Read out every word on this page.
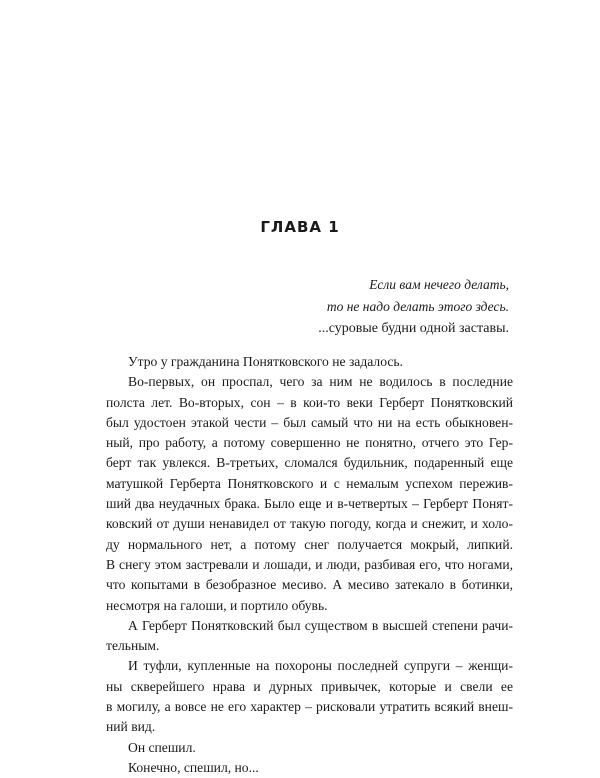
ГЛАВА 1
Если вам нечего делать,
то не надо делать этого здесь.
...суровые будни одной заставы.
Утро у гражданина Понятковского не задалось.
Во-первых, он проспал, чего за ним не водилось в последние
полста лет. Во-вторых, сон – в кои-то веки Герберт Понятковский
был удостоен этакой чести – был самый что ни на есть обыкновен-
ный, про работу, а потому совершенно не понятно, отчего это Гер-
берт так увлекся. В-третьих, сломался будильник, подаренный еще
матушкой Герберта Понятковского и с немалым успехом пережив-
ший два неудачных брака. Было еще и в-четвертых – Герберт Понят-
ковский от души ненавидел от такую погоду, когда и снежит, и холо-
ду нормального нет, а потому снег получается мокрый, липкий.
В снегу этом застревали и лошади, и люди, разбивая его, что ногами,
что копытами в безобразное месиво. А месиво затекало в ботинки,
несмотря на галоши, и портило обувь.
А Герберт Понятковский был существом в высшей степени рачи-
тельным.
И туфли, купленные на похороны последней супруги – женщи-
ны скверейшего нрава и дурных привычек, которые и свели ее
в могилу, а вовсе не его характер – рисковали утратить всякий внеш-
ний вид.
Он спешил.
Конечно, спешил, но...
